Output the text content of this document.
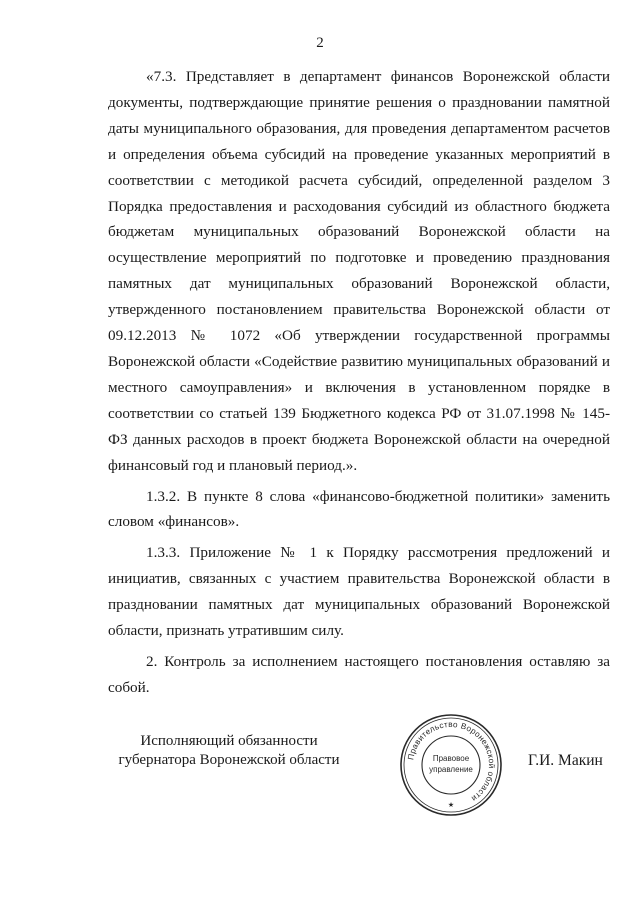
2

«7.3. Представляет в департамент финансов Воронежской области документы, подтверждающие принятие решения о праздновании памятной даты муниципального образования, для проведения департаментом расчетов и определения объема субсидий на проведение указанных мероприятий в соответствии с методикой расчета субсидий, определенной разделом 3 Порядка предоставления и расходования субсидий из областного бюджета бюджетам муниципальных образований Воронежской области на осуществление мероприятий по подготовке и проведению празднования памятных дат муниципальных образований Воронежской области, утвержденного постановлением правительства Воронежской области от 09.12.2013 № 1072 «Об утверждении государственной программы Воронежской области «Содействие развитию муниципальных образований и местного самоуправления» и включения в установленном порядке в соответствии со статьей 139 Бюджетного кодекса РФ от 31.07.1998 № 145-ФЗ данных расходов в проект бюджета Воронежской области на очередной финансовый год и плановый период.».

1.3.2. В пункте 8 слова «финансово-бюджетной политики» заменить словом «финансов».

1.3.3. Приложение № 1 к Порядку рассмотрения предложений и инициатив, связанных с участием правительства Воронежской области в праздновании памятных дат муниципальных образований Воронежской области, признать утратившим силу.

2. Контроль за исполнением настоящего постановления оставляю за собой.

Исполняющий обязанности
губернатора Воронежской области	Правительство Воронежской области
Правовое
управление
★
Г.И. Макин
